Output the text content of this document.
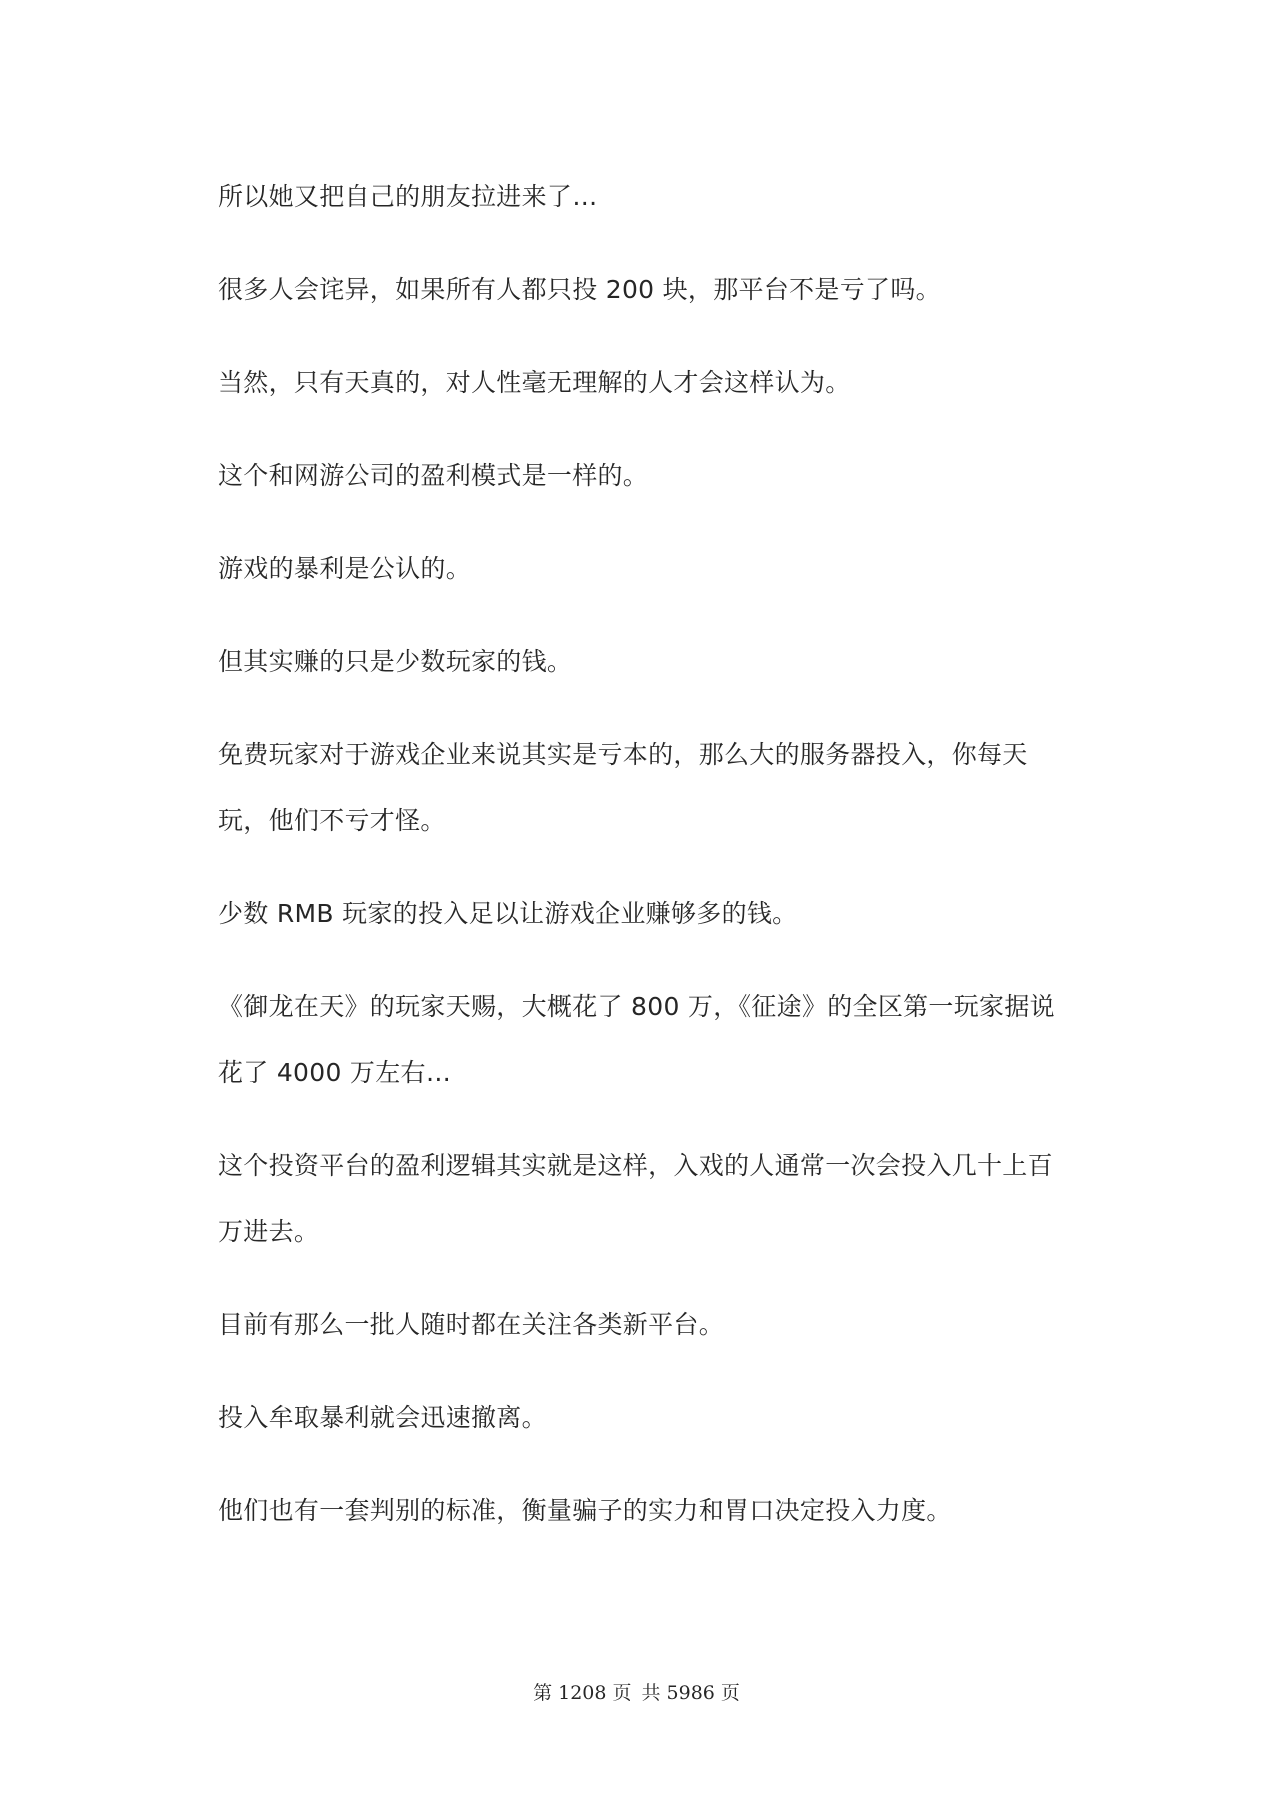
所以她又把自己的朋友拉进来了…

很多人会诧异，如果所有人都只投 200 块，那平台不是亏了吗。

当然，只有天真的，对人性毫无理解的人才会这样认为。

这个和网游公司的盈利模式是一样的。

游戏的暴利是公认的。

但其实赚的只是少数玩家的钱。

免费玩家对于游戏企业来说其实是亏本的，那么大的服务器投入，你每天玩，他们不亏才怪。

少数 RMB 玩家的投入足以让游戏企业赚够多的钱。

《御龙在天》的玩家天赐，大概花了 800 万，《征途》的全区第一玩家据说花了 4000 万左右…

这个投资平台的盈利逻辑其实就是这样，入戏的人通常一次会投入几十上百万进去。

目前有那么一批人随时都在关注各类新平台。

投入牟取暴利就会迅速撤离。

他们也有一套判别的标准，衡量骗子的实力和胃口决定投入力度。

第 1208 页 共 5986 页
